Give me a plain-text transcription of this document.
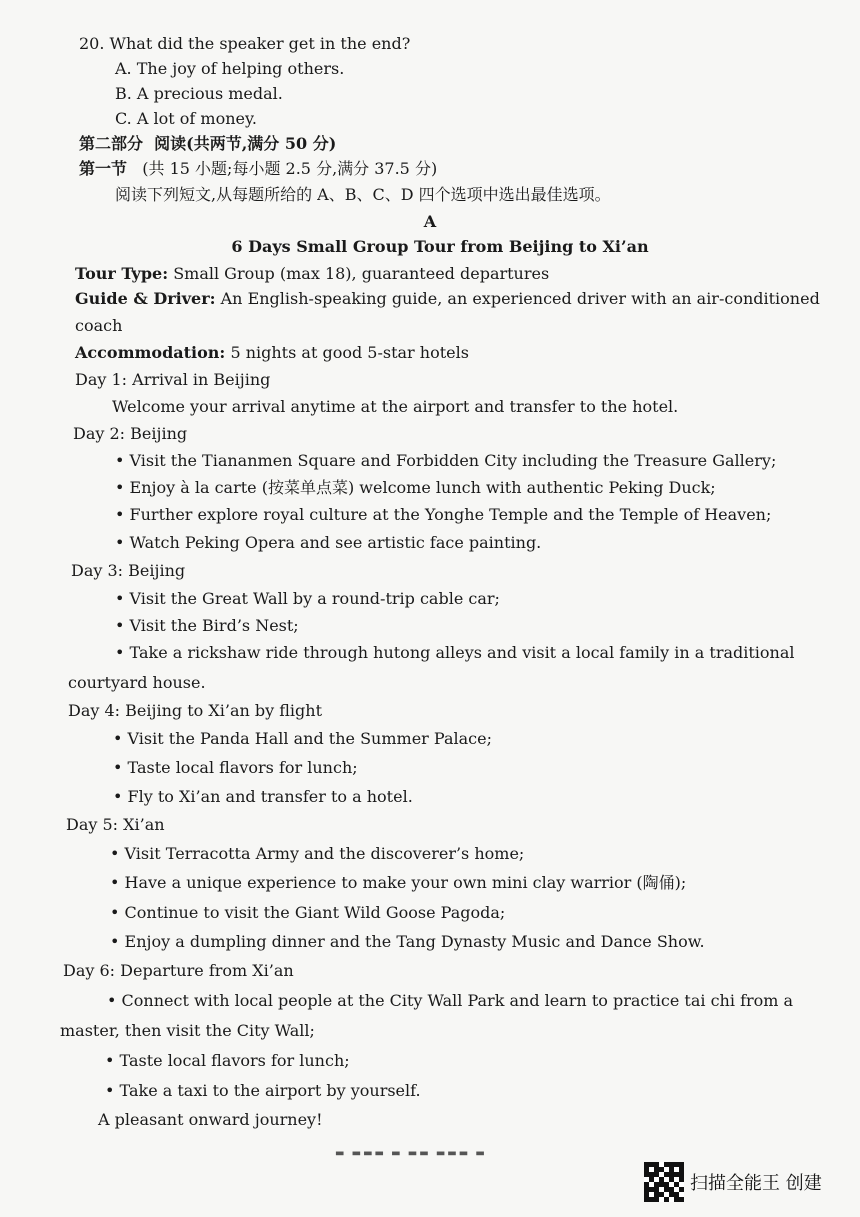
20. What did the speaker get in the end?
A. The joy of helping others.
B. A precious medal.
C. A lot of money.
第二部分 阅读(共两节,满分 50 分)
第一节 (共 15 小题;每小题 2.5 分,满分 37.5 分)
阅读下列短文,从每题所给的 A、B、C、D 四个选项中选出最佳选项。
A
6 Days Small Group Tour from Beijing to Xi’an
Tour Type: Small Group (max 18), guaranteed departures
Guide & Driver: An English-speaking guide, an experienced driver with an air-conditioned
coach
Accommodation: 5 nights at good 5-star hotels
Day 1: Arrival in Beijing
Welcome your arrival anytime at the airport and transfer to the hotel.
Day 2: Beijing
• Visit the Tiananmen Square and Forbidden City including the Treasure Gallery;
• Enjoy à la carte (按菜单点菜) welcome lunch with authentic Peking Duck;
• Further explore royal culture at the Yonghe Temple and the Temple of Heaven;
• Watch Peking Opera and see artistic face painting.
Day 3: Beijing
• Visit the Great Wall by a round-trip cable car;
• Visit the Bird’s Nest;
• Take a rickshaw ride through hutong alleys and visit a local family in a traditional
courtyard house.
Day 4: Beijing to Xi’an by flight
• Visit the Panda Hall and the Summer Palace;
• Taste local flavors for lunch;
• Fly to Xi’an and transfer to a hotel.
Day 5: Xi’an
• Visit Terracotta Army and the discoverer’s home;
• Have a unique experience to make your own mini clay warrior (陶俑);
• Continue to visit the Giant Wild Goose Pagoda;
• Enjoy a dumpling dinner and the Tang Dynasty Music and Dance Show.
Day 6: Departure from Xi’an
• Connect with local people at the City Wall Park and learn to practice tai chi from a
master, then visit the City Wall;
• Taste local flavors for lunch;
• Take a taxi to the airport by yourself.
A pleasant onward journey!
▬ ▬▬▬ ▬ ▬▬ ▬▬▬ ▬
扫描全能王 创建
